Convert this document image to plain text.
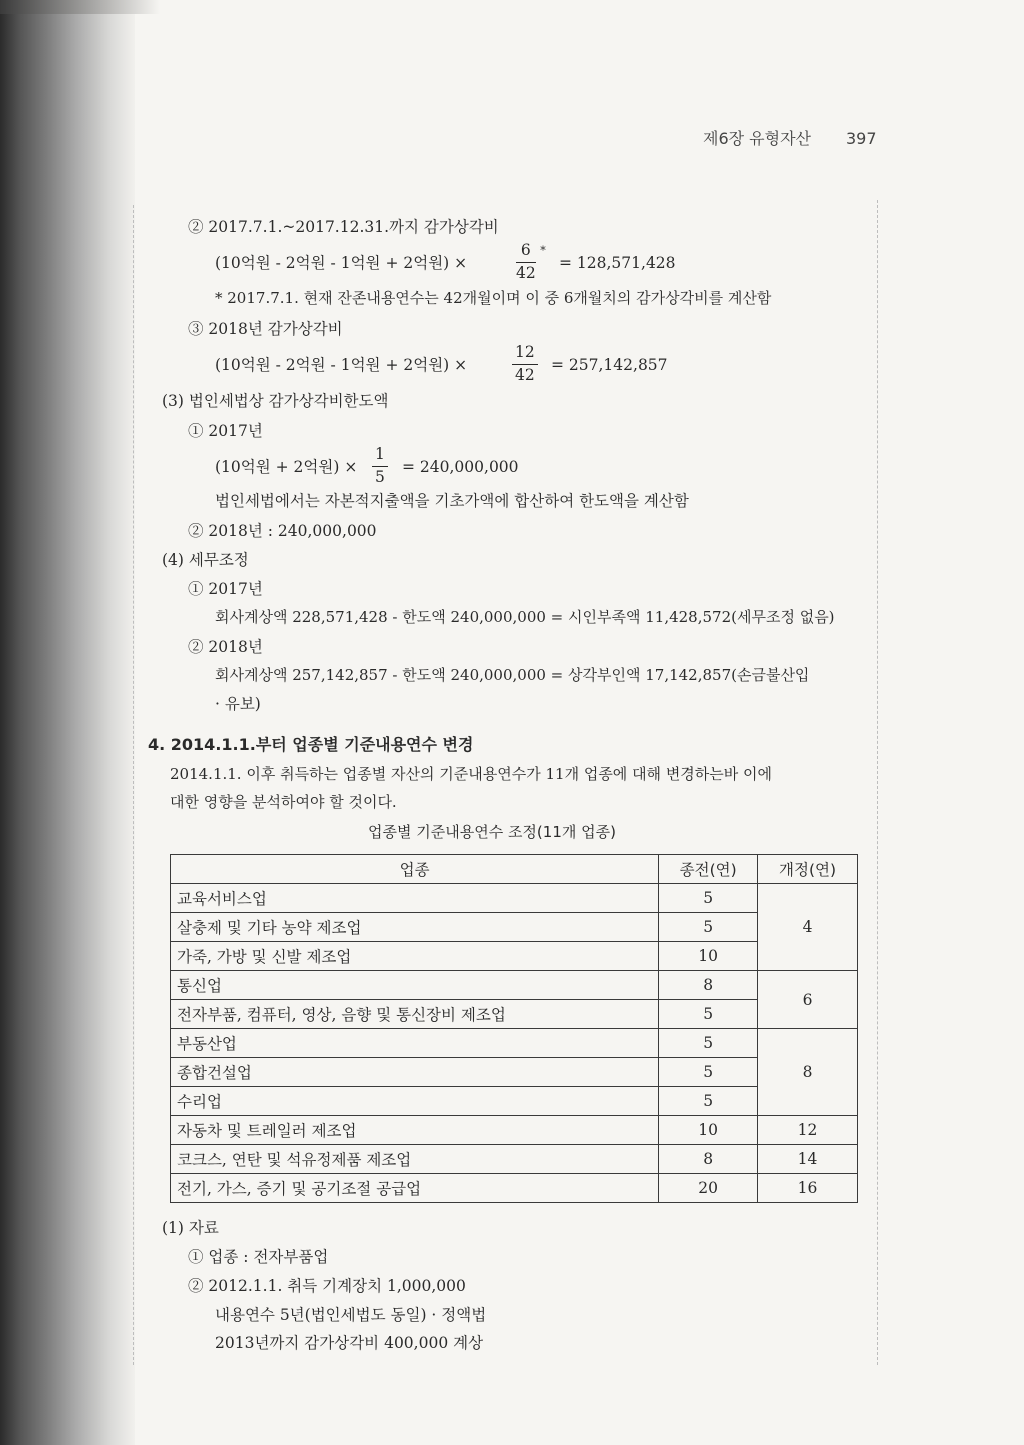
제6장 유형자산 397
② 2017.7.1.~2017.12.31.까지 감가상각비
(10억원 - 2억원 - 1억원 + 2억원) ×
6
42
*
= 128,571,428
* 2017.7.1. 현재 잔존내용연수는 42개월이며 이 중 6개월치의 감가상각비를 계산함
③ 2018년 감가상각비
(10억원 - 2억원 - 1억원 + 2억원) ×	$\frac{12}{42} = 257,142,857$
(3) 법인세법상 감가상각비한도액
① 2017년
(10억원 + 2억원) × $\frac{1}{5} = 240,000,000$
법인세법에서는 자본적지출액을 기초가액에 합산하여 한도액을 계산함
② 2018년 : 240,000,000
(4) 세무조정
① 2017년
회사계상액 228,571,428 - 한도액 240,000,000 = 시인부족액 11,428,572(세무조정 없음)
② 2018년
회사계상액 257,142,857 - 한도액 240,000,000 = 상각부인액 17,142,857(손금불산입
· 유보)
4. 2014.1.1.부터 업종별 기준내용연수 변경
2014.1.1. 이후 취득하는 업종별 자산의 기준내용연수가 11개 업종에 대해 변경하는바 이에
대한 영향을 분석하여야 할 것이다.
업종별 기준내용연수 조정(11개 업종)
업종	종전(연)	개정(연)
교육서비스업	5	4
살충제 및 기타 농약 제조업	5	
가죽, 가방 및 신발 제조업	10	
통신업	8	6
전자부품, 컴퓨터, 영상, 음향 및 통신장비 제조업	5	
부동산업	5	8
종합건설업	5	
수리업	5	
자동차 및 트레일러 제조업	10	12
코크스, 연탄 및 석유정제품 제조업	8	14
전기, 가스, 증기 및 공기조절 공급업	20	16
(1) 자료
① 업종 : 전자부품업
② 2012.1.1. 취득 기계장치 1,000,000
내용연수 5년(법인세법도 동일) · 정액법
2013년까지 감가상각비 400,000 계상
